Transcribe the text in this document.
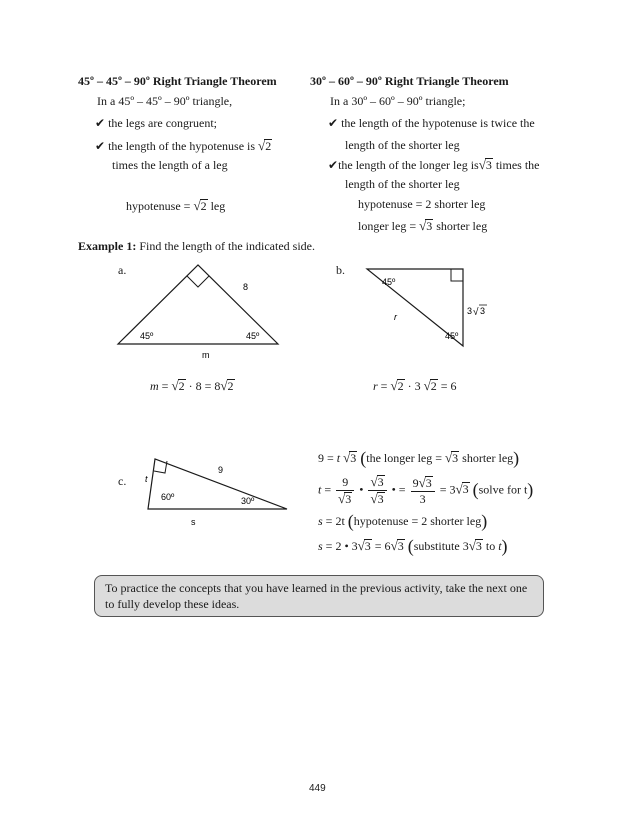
45º – 45º – 90º Right Triangle Theorem
In a 45º – 45º – 90º triangle,
✔ the legs are congruent;
✔ the length of the hypotenuse is √2
times the length of a leg
hypotenuse = √2 leg
30º – 60º – 90º Right Triangle Theorem
In a 30º – 60º – 90º triangle;
✔ the length of the hypotenuse is twice the
length of the shorter leg
✔the length of the longer leg is√3 times the
length of the shorter leg
hypotenuse = 2 shorter leg
longer leg = √3 shorter leg
Example 1: Find the length of the indicated side.
a.
8
45º	45º
m
m = √2 · 8 = 8√2
b.
45º
45º
r
3 √ 3
r = √2 · 3 √2 = 6
c. t
9
60º	30º
s
9 = t √3 (the longer leg = √3 shorter leg)
$t = \frac{9}{√3}$ • $\frac{√3}{√3}$ • = $\frac{9√3}{3} = 3√3$ (solve for t)
s = 2t (hypotenuse = 2 shorter leg)
s = 2 • 3√3 = 6√3 (substitute 3√3 to t)
To practice the concepts that you have learned in the previous activity, take the next one to fully develop these ideas.
449
